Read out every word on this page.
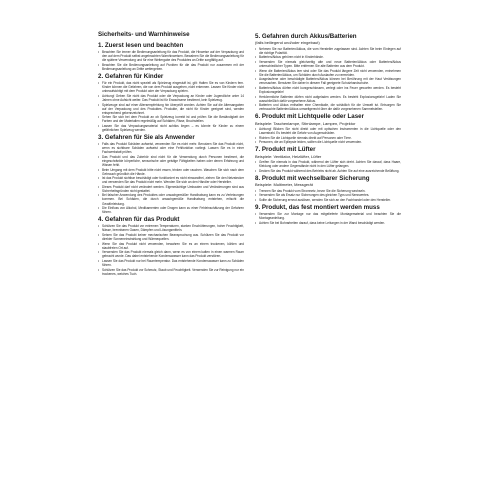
Sicherheits- und Warnhinweise
1. Zuerst lesen und beachten
• Beachten Sie immer die Bedienungsanleitung für das Produkt, die Hinweise auf der Verpackung und den auf dem Produkt selbst angebrachten Warnhinweisen. Bewahren Sie die Bedienungsanleitung für die spätere Verwendung und für eine Weitergabe des Produktes an Dritte sorgfältig auf.
• Beachten Sie die Bedienungsanleitung auf Punkten für die das Produkt nur zusammen mit der Bedienungsanleitung an Dritte weitergeben.
2. Gefahren für Kinder
• Für ein Produkt, das nicht speziell als Spielzeug eingestuft ist, gilt: Halten Sie es von Kindern fern. Kinder können die Gefahren, die von dem Produkt ausgehen, nicht erkennen. Lassen Sie Kinder nicht unbeaufsichtigt mit dem Produkt oder der Verpackung spielen.
• Achtung! Geben Sie nicht das Produkt oder die Verpackung an Kinder oder Jugendliche unter 14 Jahren ohne Aufsicht weiter. Das Produkt ist für Erwachsene bestimmt, kein Spielzeug.
• Spielzeuge sind auf einer Altersempfehlung hin überprüft worden. Achten Sie auf die Altersangaben auf der Verpackung und des Produktes. Produkte, die nicht für Kinder geeignet sind, werden entsprechend gekennzeichnet.
• Sehen Sie sich bei dem Produkt an ob Spielzeug korrekt ist und prüfen Sie die Beständigkeit der Farben und der Materialien regelmäßig auf Schäden, Risse, Bruchstellen.
• Lassen Sie das Verpackungsmaterial nicht achtlos liegen – es könnte für Kinder zu einem gefährlichen Spielzeug werden.
3. Gefahren für Sie als Anwender
• Falls das Produkt Schäden aufweist, verwenden Sie es nicht mehr. Benutzen Sie das Produkt nicht, wenn es sichtbare Schäden aufweist oder eine Fehlfunktion vorliegt. Lassen Sie es in einer Fachwerkstatt prüfen.
• Das Produkt und das Zubehör sind nicht für die Verwendung durch Personen bestimmt, die eingeschränkte körperliche, sensorische oder geistige Fähigkeiten haben oder denen Erfahrung und Wissen fehlt.
• Beim Umgang mit dem Produkt bitte nicht essen, trinken oder rauchen. Waschen Sie sich nach dem Gebrauch gründlich die Hände.
• Ist das Produkt sichtbar beschädigt oder funktioniert es nicht einwandfrei, ziehen Sie den Netzstecker und verwenden Sie das Produkt nicht mehr. Wenden Sie sich an den Händler oder Hersteller.
• Dieses Produkt darf nicht verändert werden. Eigenmächtige Umbauten und Veränderungen sind aus Sicherheitsgründen nicht gestattet.
• Bei falscher Anwendung des Produktes oder unsachgemäßer Handhabung kann es zu Verletzungen kommen. Bei Schäden, die durch unsachgemäße Handhabung entstehen, erlischt die Gewährleistung.
• Die Einfluss von Alkohol, Medikamenten oder Drogen kann zu einer Fehleinschätzung der Gefahren führen.
4. Gefahren für das Produkt
• Schützen Sie das Produkt vor extremen Temperaturen, starken Erschütterungen, hoher Feuchtigkeit, Nässe, brennbaren Gasen, Dämpfen und Lösungsmitteln.
• Setzen Sie das Produkt keiner mechanischen Beanspruchung aus. Schützen Sie das Produkt vor direkter Sonneneinstrahlung und Wärmequellen.
• Wenn Sie das Produkt nicht verwenden, bewahren Sie es an einem trockenen, kühlen und staubfreien Ort auf.
• Verwenden Sie das Produkt niemals gleich dann, wenn es von einem kalten in einen warmen Raum gebracht wurde. Das dabei entstehende Kondenswasser kann das Produkt zerstören.
• Lassen Sie das Produkt nur bei Raumtemperatur. Das entstehende Kondenswasser kann zu Schäden führen.
• Schützen Sie das Produkt vor Schmutz, Staub und Feuchtigkeit. Verwenden Sie zur Reinigung nur ein trockenes, weiches Tuch.
5. Gefahren durch Akkus/Batterien
(falls beiliegend und/oder eingebaut)
• Nehmen Sie nur Batterien/Akkus, die vom Hersteller zugelassen sind. Achten Sie beim Einlegen auf die richtige Polarität.
• Batterien/Akkus gehören nicht in Kinderhände.
• Verwenden Sie niemals gleichzeitig alte und neue Batterien/Akkus oder Batterien/Akkus unterschiedlicher Typen. Bitte entfernen Sie alte Batterien aus dem Produkt.
• Wenn die Batterien/Akkus leer sind oder Sie das Produkt längere Zeit nicht verwenden, entnehmen Sie die Batterien/Akkus, um Schäden durch Auslaufen zu vermeiden.
• Ausgelaufene oder beschädigte Batterien/Akkus können bei Berührung mit der Haut Verätzungen verursachen. Benutzen Sie daher in diesem Fall geeignete Schutzhandschuhe.
• Batterien/Akkus dürfen nicht kurzgeschlossen, zerlegt oder ins Feuer geworfen werden. Es besteht Explosionsgefahr!
• Herkömmliche Batterien dürfen nicht aufgeladen werden. Es besteht Explosionsgefahr! Laden Sie ausschließlich dafür vorgesehene Akkus.
• Batterien und Akkus enthalten eine Chemikalie, die schädlich für die Umwelt ist. Entsorgen Sie verbrauchte Batterien/Akkus umweltgerecht über die dafür vorgesehenen Sammelstellen.
6. Produkt mit Lichtquelle oder Laser
Beispiele: Taschenlampe, Stirnlampe, Lampen, Projektor
• Achtung! Blicken Sie nicht direkt oder mit optischen Instrumenten in die Lichtquelle oder den Laserstrahl. Es besteht die Gefahr von Augenschäden.
• Richten Sie die Lichtquelle niemals direkt auf Personen oder Tiere.
• Personen, die an Epilepsie leiden, sollten die Lichtquelle nicht verwenden.
7. Produkt mit Lüfter
Beispiele: Ventilator, Heizlüfter, Lüfter
• Greifen Sie niemals in das Produkt, während der Lüfter sich dreht. Achten Sie darauf, dass Haare, Kleidung oder andere Gegenstände nicht in den Lüfter gelangen.
• Decken Sie das Produkt während des Betriebs nicht ab. Achten Sie auf eine ausreichende Belüftung.
8. Produkt mit wechselbarer Sicherung
Beispiele: Multimeter, Messgerät
• Trennen Sie das Produkt vom Stromnetz, bevor Sie die Sicherung wechseln.
• Verwenden Sie als Ersatz nur Sicherungen des gleichen Typs und Nennwertes.
• Sollte die Sicherung erneut auslösen, wenden Sie sich an den Fachhandel oder den Hersteller.
9. Produkt, das fest montiert werden muss
• Verwenden Sie zur Montage nur das mitgelieferte Montagematerial und beachten Sie die Montageanleitung.
• Achten Sie bei Bohrarbeiten darauf, dass keine Leitungen in der Wand beschädigt werden.
